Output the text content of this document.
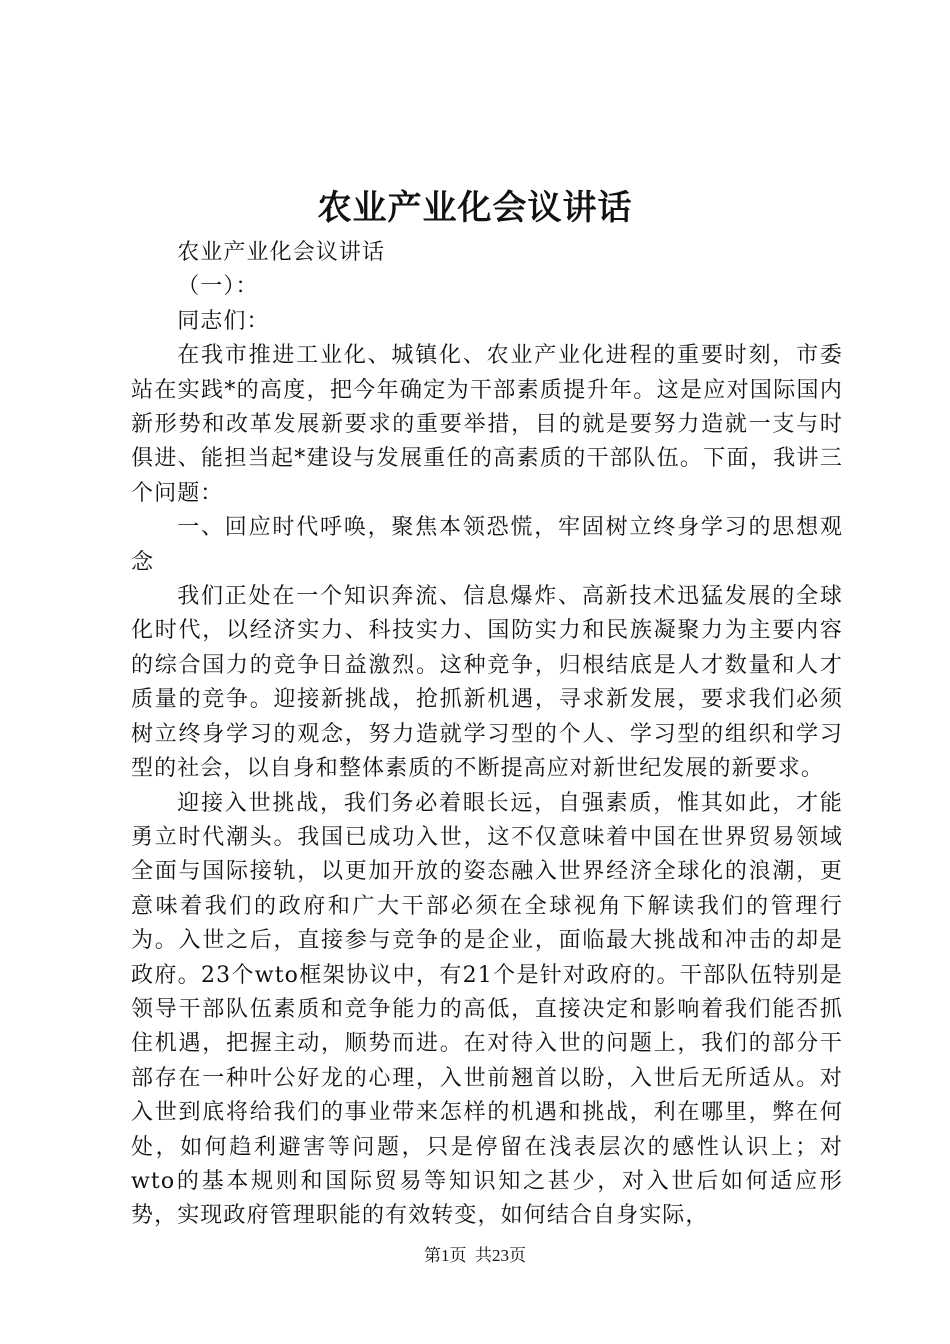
农业产业化会议讲话

农业产业化会议讲话

（一）：

同志们：

在我市推进工业化、城镇化、农业产业化进程的重要时刻，市委站在实践*的高度，把今年确定为干部素质提升年。这是应对国际国内新形势和改革发展新要求的重要举措，目的就是要努力造就一支与时俱进、能担当起*建设与发展重任的高素质的干部队伍。下面，我讲三个问题：

一、回应时代呼唤，聚焦本领恐慌，牢固树立终身学习的思想观念

我们正处在一个知识奔流、信息爆炸、高新技术迅猛发展的全球化时代，以经济实力、科技实力、国防实力和民族凝聚力为主要内容的综合国力的竞争日益激烈。这种竞争，归根结底是人才数量和人才质量的竞争。迎接新挑战，抢抓新机遇，寻求新发展，要求我们必须树立终身学习的观念，努力造就学习型的个人、学习型的组织和学习型的社会，以自身和整体素质的不断提高应对新世纪发展的新要求。

迎接入世挑战，我们务必着眼长远，自强素质，惟其如此，才能勇立时代潮头。我国已成功入世，这不仅意味着中国在世界贸易领域全面与国际接轨，以更加开放的姿态融入世界经济全球化的浪潮，更意味着我们的政府和广大干部必须在全球视角下解读我们的管理行为。入世之后，直接参与竞争的是企业，面临最大挑战和冲击的却是政府。23个wto框架协议中，有21个是针对政府的。干部队伍特别是领导干部队伍素质和竞争能力的高低，直接决定和影响着我们能否抓住机遇，把握主动，顺势而进。在对待入世的问题上，我们的部分干部存在一种叶公好龙的心理，入世前翘首以盼，入世后无所适从。对入世到底将给我们的事业带来怎样的机遇和挑战，利在哪里，弊在何处，如何趋利避害等问题，只是停留在浅表层次的感性认识上；对wto的基本规则和国际贸易等知识知之甚少，对入世后如何适应形势，实现政府管理职能的有效转变，如何结合自身实际，

第1页 共23页
